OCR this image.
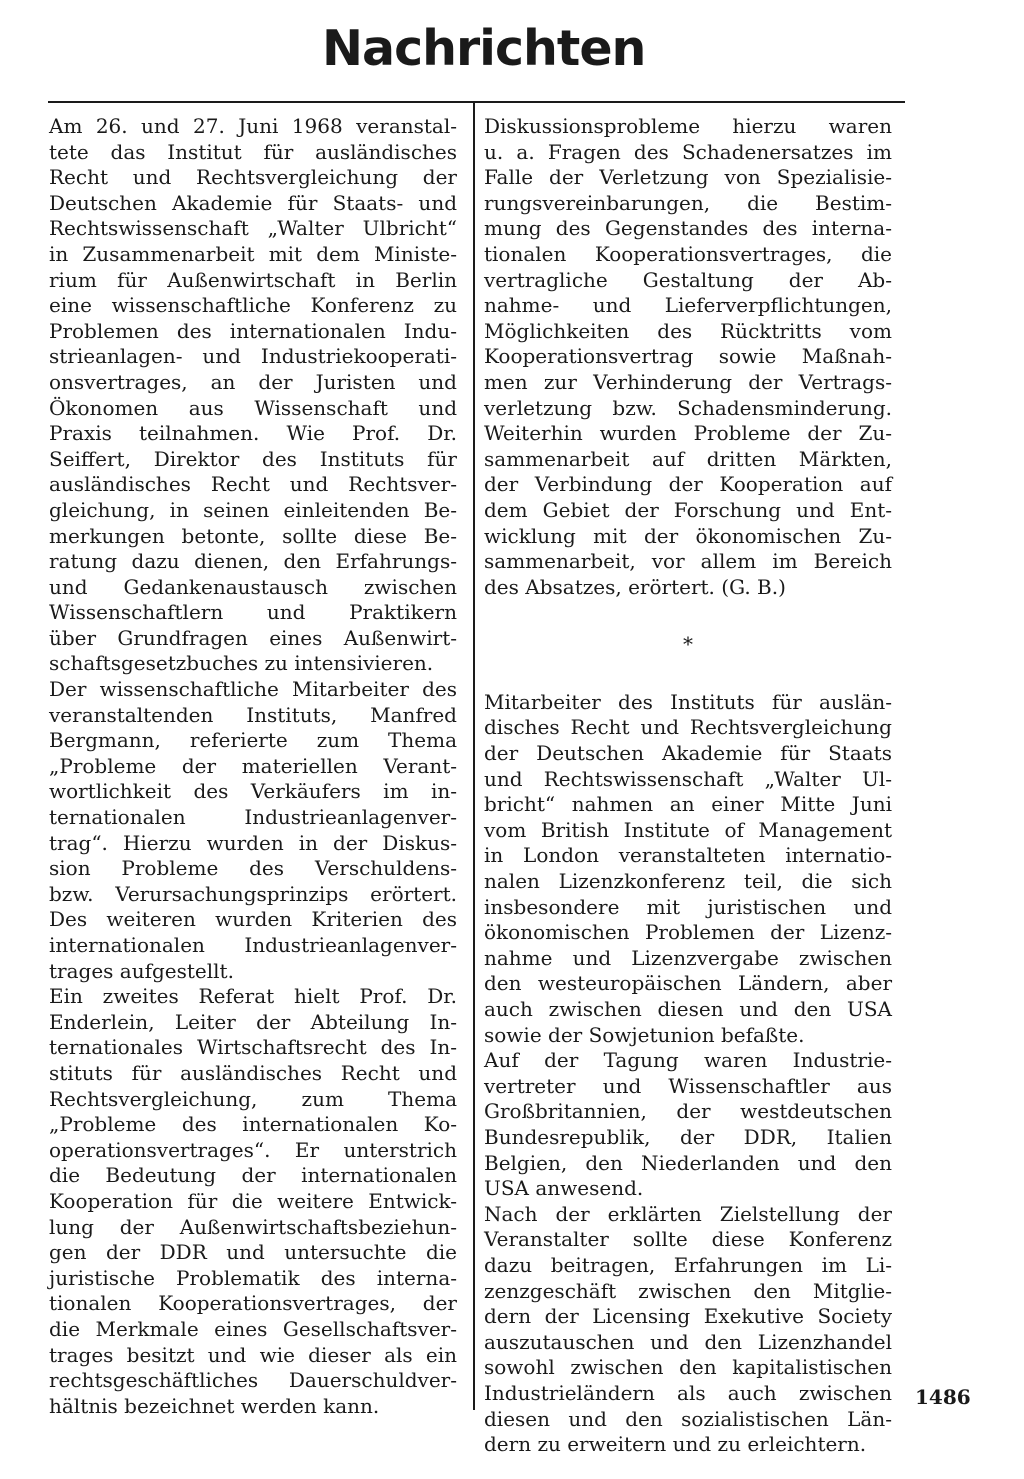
Nachrichten
Am 26. und 27. Juni 1968 veranstal-
tete das Institut für ausländisches
Recht und Rechtsvergleichung der
Deutschen Akademie für Staats- und
Rechtswissenschaft „Walter Ulbricht“
in Zusammenarbeit mit dem Ministe-
rium für Außenwirtschaft in Berlin
eine wissenschaftliche Konferenz zu
Problemen des internationalen Indu-
strieanlagen- und Industriekooperati-
onsvertrages, an der Juristen und
Ökonomen aus Wissenschaft und
Praxis teilnahmen. Wie Prof. Dr.
Seiffert, Direktor des Instituts für
ausländisches Recht und Rechtsver-
gleichung, in seinen einleitenden Be-
merkungen betonte, sollte diese Be-
ratung dazu dienen, den Erfahrungs-
und Gedankenaustausch zwischen
Wissenschaftlern und Praktikern
über Grundfragen eines Außenwirt-
schaftsgesetzbuches zu intensivieren.
Der wissenschaftliche Mitarbeiter des
veranstaltenden Instituts, Manfred
Bergmann, referierte zum Thema
„Probleme der materiellen Verant-
wortlichkeit des Verkäufers im in-
ternationalen Industrieanlagenver-
trag“. Hierzu wurden in der Diskus-
sion Probleme des Verschuldens-
bzw. Verursachungsprinzips erörtert.
Des weiteren wurden Kriterien des
internationalen Industrieanlagenver-
trages aufgestellt.
Ein zweites Referat hielt Prof. Dr.
Enderlein, Leiter der Abteilung In-
ternationales Wirtschaftsrecht des In-
stituts für ausländisches Recht und
Rechtsvergleichung, zum Thema
„Probleme des internationalen Ko-
operationsvertrages“. Er unterstrich
die Bedeutung der internationalen
Kooperation für die weitere Entwick-
lung der Außenwirtschaftsbeziehun-
gen der DDR und untersuchte die
juristische Problematik des interna-
tionalen Kooperationsvertrages, der
die Merkmale eines Gesellschaftsver-
trages besitzt und wie dieser als ein
rechtsgeschäftliches Dauerschuldver-
hältnis bezeichnet werden kann.
Diskussionsprobleme hierzu waren
u. a. Fragen des Schadenersatzes im
Falle der Verletzung von Spezialisie-
rungsvereinbarungen, die Bestim-
mung des Gegenstandes des interna-
tionalen Kooperationsvertrages, die
vertragliche Gestaltung der Ab-
nahme- und Lieferverpflichtungen,
Möglichkeiten des Rücktritts vom
Kooperationsvertrag sowie Maßnah-
men zur Verhinderung der Vertrags-
verletzung bzw. Schadensminderung.
Weiterhin wurden Probleme der Zu-
sammenarbeit auf dritten Märkten,
der Verbindung der Kooperation auf
dem Gebiet der Forschung und Ent-
wicklung mit der ökonomischen Zu-
sammenarbeit, vor allem im Bereich
des Absatzes, erörtert. (G. B.)
*
Mitarbeiter des Instituts für auslän-
disches Recht und Rechtsvergleichung
der Deutschen Akademie für Staats
und Rechtswissenschaft „Walter Ul-
bricht“ nahmen an einer Mitte Juni
vom British Institute of Management
in London veranstalteten internatio-
nalen Lizenzkonferenz teil, die sich
insbesondere mit juristischen und
ökonomischen Problemen der Lizenz-
nahme und Lizenzvergabe zwischen
den westeuropäischen Ländern, aber
auch zwischen diesen und den USA
sowie der Sowjetunion befaßte.
Auf der Tagung waren Industrie-
vertreter und Wissenschaftler aus
Großbritannien, der westdeutschen
Bundesrepublik, der DDR, Italien
Belgien, den Niederlanden und den
USA anwesend.
Nach der erklärten Zielstellung der
Veranstalter sollte diese Konferenz
dazu beitragen, Erfahrungen im Li-
zenzgeschäft zwischen den Mitglie-
dern der Licensing Exekutive Society
auszutauschen und den Lizenzhandel
sowohl zwischen den kapitalistischen
Industrieländern als auch zwischen
diesen und den sozialistischen Län-
dern zu erweitern und zu erleichtern.
1486
